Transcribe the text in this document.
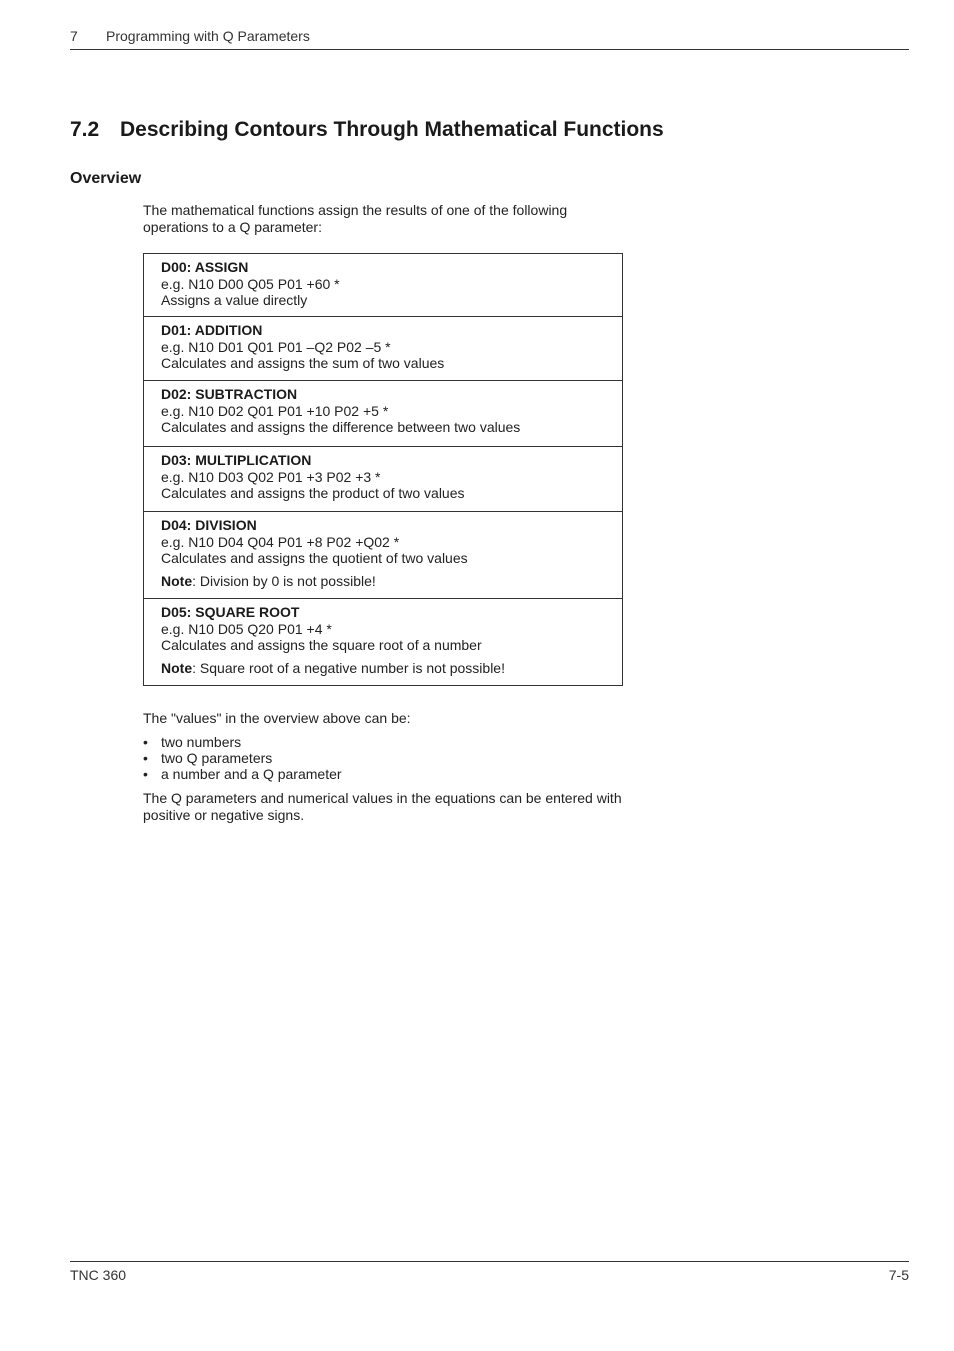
7 Programming with Q Parameters
7.2 Describing Contours Through Mathematical Functions
Overview

The mathematical functions assign the results of one of the following operations to a Q parameter:

D00: ASSIGN
e.g. N10 D00 Q05 P01 +60 *
Assigns a value directly
D01: ADDITION
e.g. N10 D01 Q01 P01 –Q2 P02 –5 *
Calculates and assigns the sum of two values
D02: SUBTRACTION
e.g. N10 D02 Q01 P01 +10 P02 +5 *
Calculates and assigns the difference between two values
D03: MULTIPLICATION
e.g. N10 D03 Q02 P01 +3 P02 +3 *
Calculates and assigns the product of two values
D04: DIVISION
e.g. N10 D04 Q04 P01 +8 P02 +Q02 *
Calculates and assigns the quotient of two values
Note: Division by 0 is not possible!
D05: SQUARE ROOT
e.g. N10 D05 Q20 P01 +4 *
Calculates and assigns the square root of a number
Note: Square root of a negative number is not possible!

The "values" in the overview above can be:

• two numbers
• two Q parameters
• a number and a Q parameter

The Q parameters and numerical values in the equations can be entered with positive or negative signs.

TNC 360	7-5
